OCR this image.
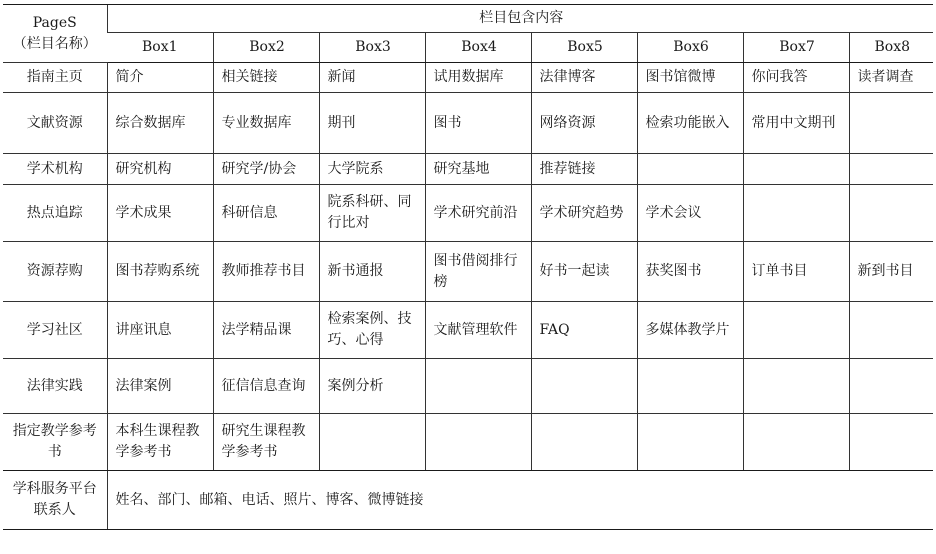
PageS
（栏目名称）	栏目包含内容							
	Box1	Box2	Box3	Box4	Box5	Box6	Box7	Box8
指南主页	简介	相关链接	新闻	试用数据库	法律博客	图书馆微博	你问我答	读者调查
文献资源	综合数据库	专业数据库	期刊	图书	网络资源	检索功能嵌入	常用中文期刊	
学术机构	研究机构	研究学/协会	大学院系	研究基地	推荐链接			
热点追踪	学术成果	科研信息	院系科研、同行比对	学术研究前沿	学术研究趋势	学术会议		
资源荐购	图书荐购系统	教师推荐书目	新书通报	图书借阅排行榜	好书一起读	获奖图书	订单书目	新到书目
学习社区	讲座讯息	法学精品课	检索案例、技巧、心得	文献管理软件	FAQ	多媒体教学片		
法律实践	法律案例	征信信息查询	案例分析					
指定教学参考书	本科生课程教学参考书	研究生课程教学参考书						
学科服务平台联系人	姓名、部门、邮箱、电话、照片、博客、微博链接							
